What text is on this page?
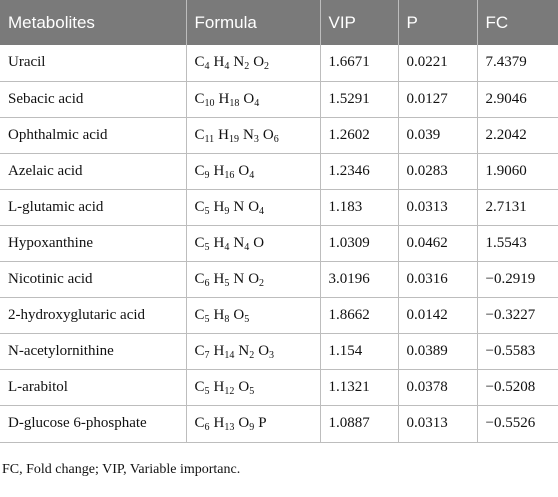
Metabolites	Formula	VIP	P	FC
Uracil	$C_4$ $H_4$ $N_2$ $O_2$	1.6671	0.0221	7.4379
Sebacic acid	$C_{10}$ $H_{18}$ $O_4$	1.5291	0.0127	2.9046
Ophthalmic acid	$C_{11}$ $H_{19}$ $N_3$ $O_6$	1.2602	0.039	2.2042
Azelaic acid	$C_9$ $H_{16}$ $O_4$	1.2346	0.0283	1.9060
L-glutamic acid	$C_5$ $H_9$ N $O_4$	1.183	0.0313	2.7131
Hypoxanthine	$C_5$ $H_4$ $N_4$ O	1.0309	0.0462	1.5543
Nicotinic acid	$C_6$ $H_5$ N $O_2$	3.0196	0.0316	−0.2919
2-hydroxyglutaric acid	$C_5$ $H_8$ $O_5$	1.8662	0.0142	−0.3227
N-acetylornithine	$C_7$ $H_{14}$ $N_2$ $O_3$	1.154	0.0389	−0.5583
L-arabitol	$C_5$ $H_{12}$ $O_5$	1.1321	0.0378	−0.5208
D-glucose 6-phosphate	$C_6$ $H_{13}$ $O_9$ P	1.0887	0.0313	−0.5526
FC, Fold change; VIP, Variable importanc.
